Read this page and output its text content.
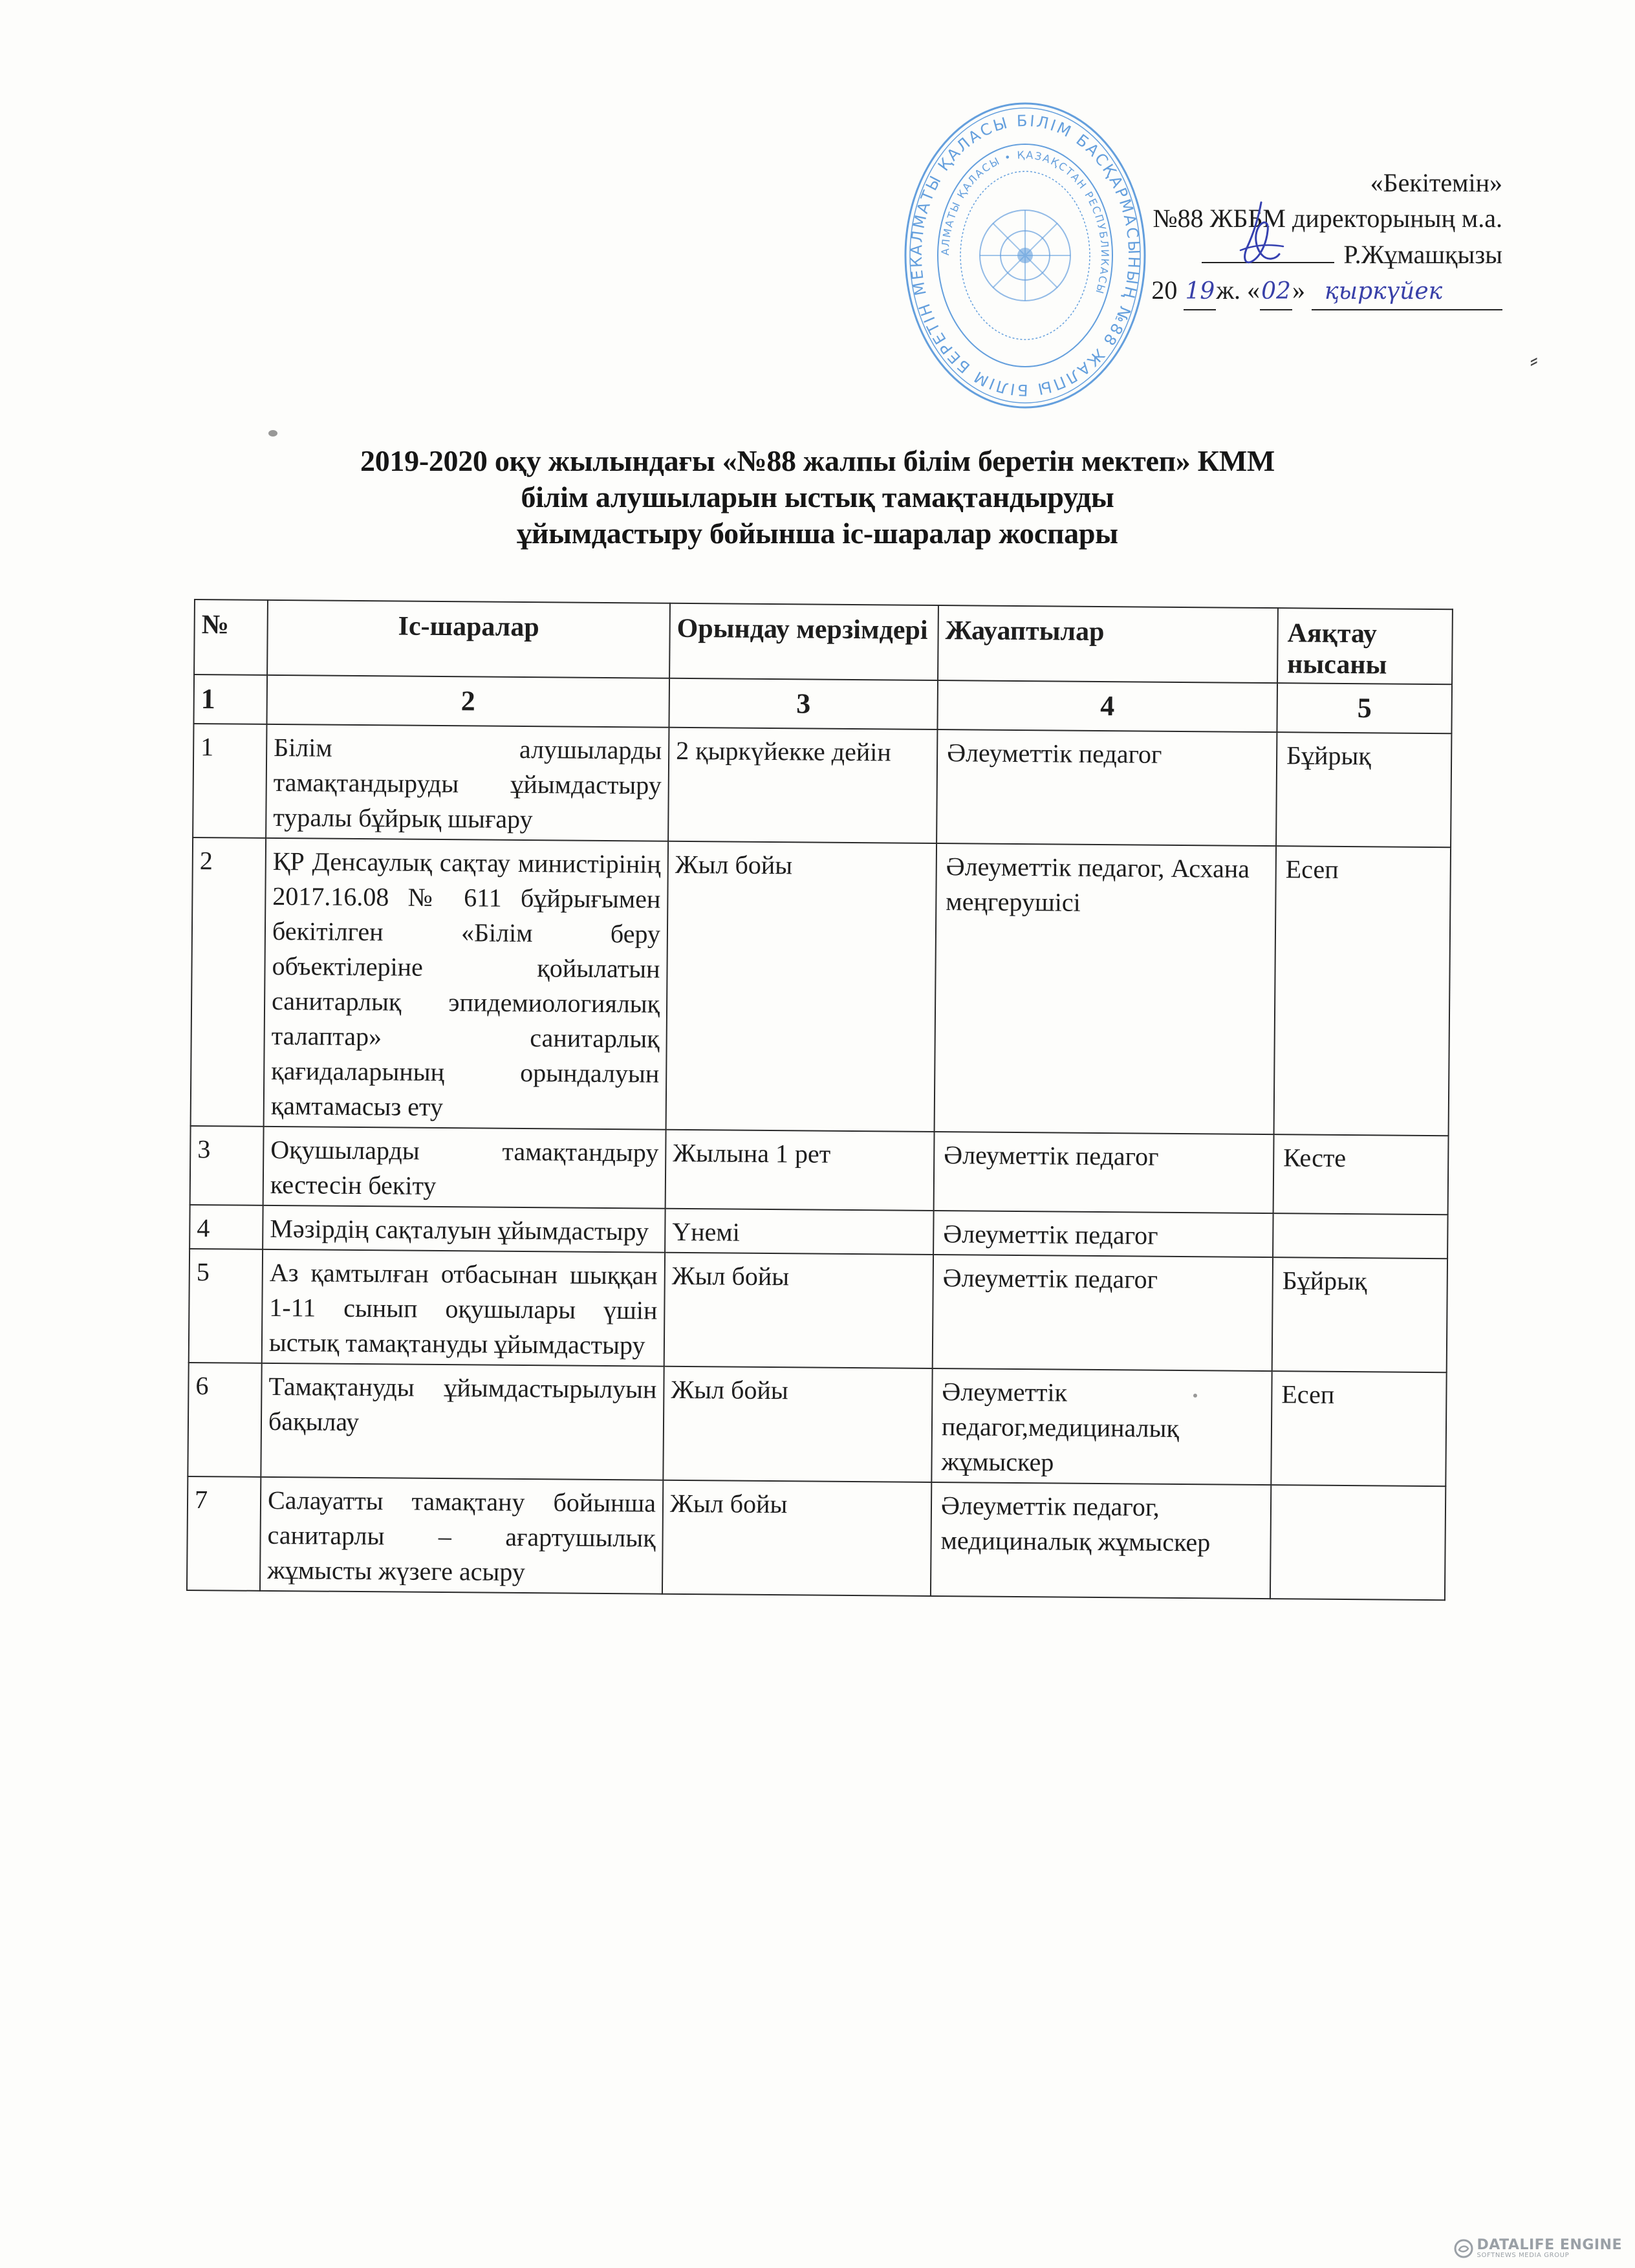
АЛМАТЫ ҚАЛАСЫ БІЛІМ БАСҚАРМАСЫНЫҢ №88 ЖАЛПЫ БІЛІМ БЕРЕТІН МЕК
АЛМАТЫ ҚАЛАСЫ • ҚАЗАҚСТАН РЕСПУБЛИКАСЫ
«Бекітемін»
№88 ЖББМ директорының м.а.
Р.Жұмашқызы
20 19ж. «02» қыркүйек
⸗
2019-2020 оқу жылындағы «№88 жалпы білім беретін мектеп» КММ
білім алушыларын ыстық тамақтандыруды
ұйымдастыру бойынша іс-шаралар жоспары
№	Іс-шаралар	Орындау мерзімдері	Жауаптылар	Аяқтау нысаны
1	2	3	4	5
1	Білім алушыларды тамақтандыруды ұйымдастыру туралы бұйрық шығару	2 қыркүйекке дейін	Әлеуметтік педагог	Бұйрық
2	ҚР Денсаулық сақтау министірінің 2017.16.08 № 611 бұйрығымен бекітілген «Білім беру объектілеріне қойылатын санитарлық эпидемиологиялық талаптар» санитарлық қағидаларының орындалуын қамтамасыз ету	Жыл бойы	Әлеуметтік педагог, Асхана меңгерушісі	Есеп
3	Оқушыларды тамақтандыру кестесін бекіту	Жылына 1 рет	Әлеуметтік педагог	Кесте
4	Мәзірдің сақталуын ұйымдастыру	Үнемі	Әлеуметтік педагог	
5	Аз қамтылған отбасынан шыққан 1-11 сынып оқушылары үшін ыстық тамақтануды ұйымдастыру	Жыл бойы	Әлеуметтік педагог	Бұйрық
6	Тамақтануды ұйымдастырылуын бақылау	Жыл бойы	Әлеуметтік педагог,медициналық жұмыскер	Есеп
7	Салауатты тамақтану бойынша санитарлы – ағартушылық жұмысты жүзеге асыру	Жыл бойы	Әлеуметтік педагог, медициналық жұмыскер	
DATALIFE ENGINE
SOFTNEWS MEDIA GROUP
